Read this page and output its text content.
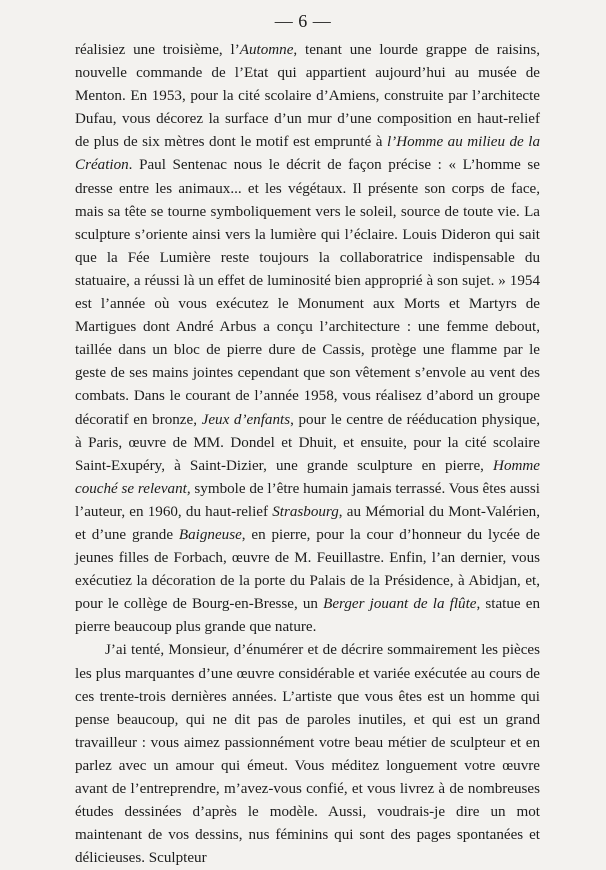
— 6 —

réalisiez une troisième, l’Automne, tenant une lourde grappe de raisins, nouvelle commande de l’Etat qui appartient aujourd’hui au musée de Menton. En 1953, pour la cité scolaire d’Amiens, construite par l’architecte Dufau, vous décorez la surface d’un mur d’une composition en haut-relief de plus de six mètres dont le motif est emprunté à l’Homme au milieu de la Création. Paul Sentenac nous le décrit de façon précise : « L’homme se dresse entre les animaux... et les végétaux. Il présente son corps de face, mais sa tête se tourne symboliquement vers le soleil, source de toute vie. La sculpture s’oriente ainsi vers la lumière qui l’éclaire. Louis Dideron qui sait que la Fée Lumière reste toujours la collaboratrice indispensable du statuaire, a réussi là un effet de luminosité bien approprié à son sujet. » 1954 est l’année où vous exécutez le Monument aux Morts et Martyrs de Martigues dont André Arbus a conçu l’architecture : une femme debout, taillée dans un bloc de pierre dure de Cassis, protège une flamme par le geste de ses mains jointes cependant que son vêtement s’envole au vent des combats. Dans le courant de l’année 1958, vous réalisez d’abord un groupe décoratif en bronze, Jeux d’enfants, pour le centre de rééducation physique, à Paris, œuvre de MM. Dondel et Dhuit, et ensuite, pour la cité scolaire Saint-Exupéry, à Saint-Dizier, une grande sculpture en pierre, Homme couché se relevant, symbole de l’être humain jamais terrassé. Vous êtes aussi l’auteur, en 1960, du haut-relief Strasbourg, au Mémorial du Mont-Valérien, et d’une grande Baigneuse, en pierre, pour la cour d’honneur du lycée de jeunes filles de Forbach, œuvre de M. Feuillastre. Enfin, l’an dernier, vous exécutiez la décoration de la porte du Palais de la Présidence, à Abidjan, et, pour le collège de Bourg-en-Bresse, un Berger jouant de la flûte, statue en pierre beaucoup plus grande que nature.

J’ai tenté, Monsieur, d’énumérer et de décrire sommairement les pièces les plus marquantes d’une œuvre considérable et variée exécutée au cours de ces trente-trois dernières années. L’artiste que vous êtes est un homme qui pense beaucoup, qui ne dit pas de paroles inutiles, et qui est un grand travailleur : vous aimez passionnément votre beau métier de sculpteur et en parlez avec un amour qui émeut. Vous méditez longuement votre œuvre avant de l’entreprendre, m’avez-vous confié, et vous livrez à de nombreuses études dessinées d’après le modèle. Aussi, voudrais-je dire un mot maintenant de vos dessins, nus féminins qui sont des pages spontanées et délicieuses. Sculpteur
